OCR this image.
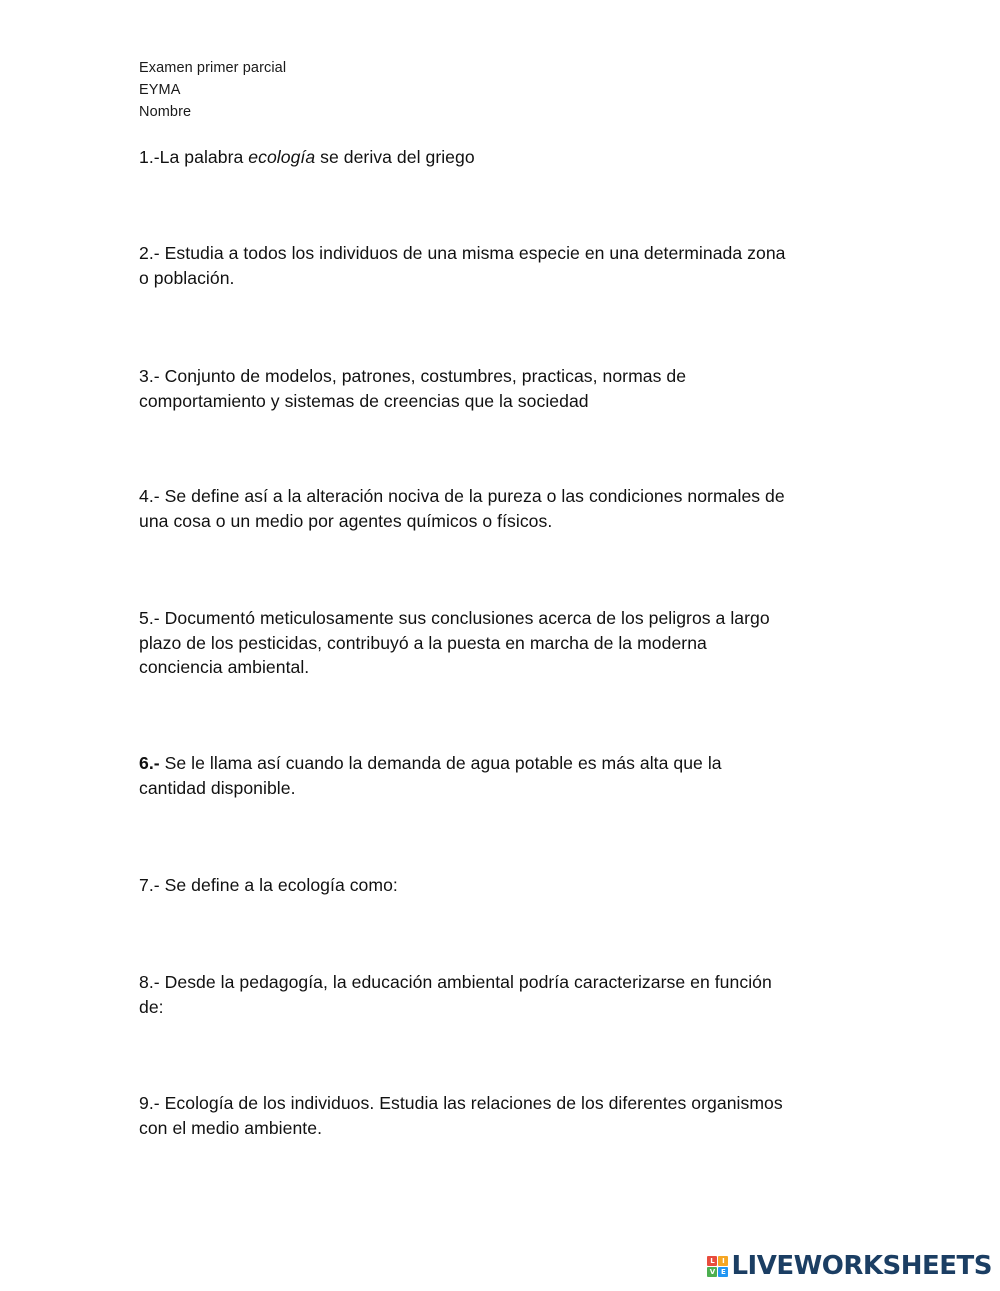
Examen primer parcial
EYMA
Nombre
1.-La palabra ecología se deriva del griego
2.- Estudia a todos los individuos de una misma especie en una determinada zona
o población.
3.- Conjunto de modelos, patrones, costumbres, practicas, normas de
comportamiento y sistemas de creencias que la sociedad
4.- Se define así a la alteración nociva de la pureza o las condiciones normales de
una cosa o un medio por agentes químicos o físicos.
5.- Documentó meticulosamente sus conclusiones acerca de los peligros a largo
plazo de los pesticidas, contribuyó a la puesta en marcha de la moderna
conciencia ambiental.
6.- Se le llama así cuando la demanda de agua potable es más alta que la
cantidad disponible.
7.- Se define a la ecología como:
8.- Desde la pedagogía, la educación ambiental podría caracterizarse en función
de:
9.- Ecología de los individuos. Estudia las relaciones de los diferentes organismos
con el medio ambiente.
L	I
V E LIVEWORKSHEETS
